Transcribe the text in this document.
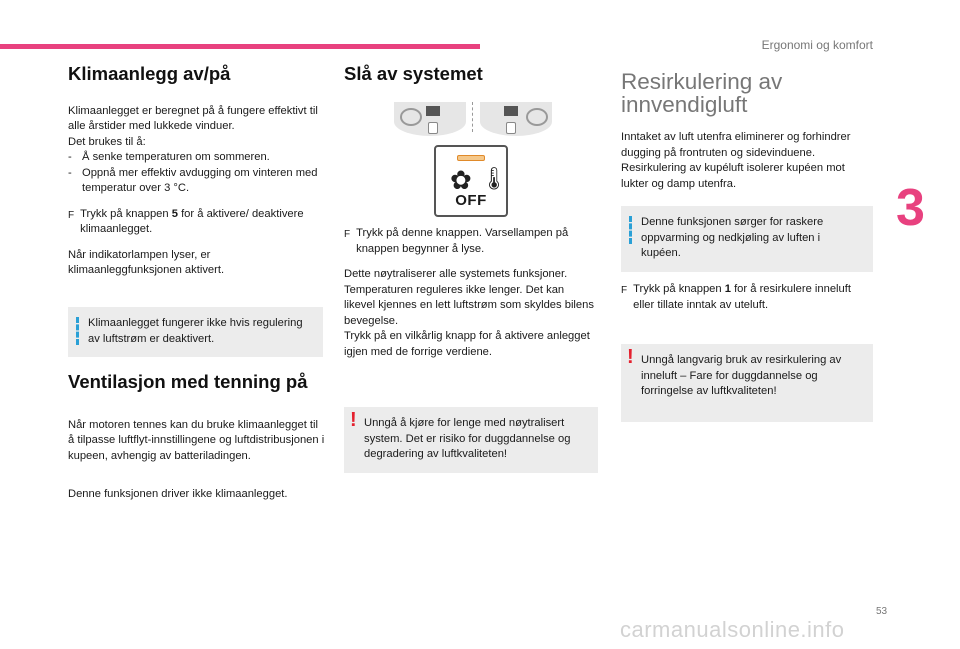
Ergonomi og komfort
3
Klimaanlegg av/på

Klimaanlegget er beregnet på å fungere effektivt til alle årstider med lukkede vinduer.

Det brukes til å:

- Å senke temperaturen om sommeren.
- Oppnå mer effektiv avdugging om vinteren med temperatur over 3 °C.
F Trykk på knappen 5 for å aktivere/ deaktivere klimaanlegget.

Når indikatorlampen lyser, er klimaanleggfunksjonen aktivert.

Klimaanlegget fungerer ikke hvis regulering av luftstrøm er deaktivert.
Ventilasjon med tenning på

Når motoren tennes kan du bruke klimaanlegget til å tilpasse luftflyt-innstillingene og luftdistribusjonen i kupeen, avhengig av batteriladingen.

Denne funksjonen driver ikke klimaanlegget.

Slå av systemet
✿ 🌡
OFF
F Trykk på denne knappen. Varsellampen på knappen begynner å lyse.

Dette nøytraliserer alle systemets funksjoner. Temperaturen reguleres ikke lenger. Det kan likevel kjennes en lett luftstrøm som skyldes bilens bevegelse.

Trykk på en vilkårlig knapp for å aktivere anlegget igjen med de forrige verdiene.

! Unngå å kjøre for lenge med nøytralisert system. Det er risiko for duggdannelse og degradering av luftkvaliteten!
Resirkulering av innvendigluft

Inntaket av luft utenfra eliminerer og forhindrer dugging på frontruten og sidevinduene. Resirkulering av kupéluft isolerer kupéen mot lukter og damp utenfra.

Denne funksjonen sørger for raskere oppvarming og nedkjøling av luften i kupéen.
F Trykk på knappen 1 for å resirkulere inneluft eller tillate inntak av uteluft.
! Unngå langvarig bruk av resirkulering av inneluft – Fare for duggdannelse og forringelse av luftkvaliteten!
53
carmanualsonline.info
